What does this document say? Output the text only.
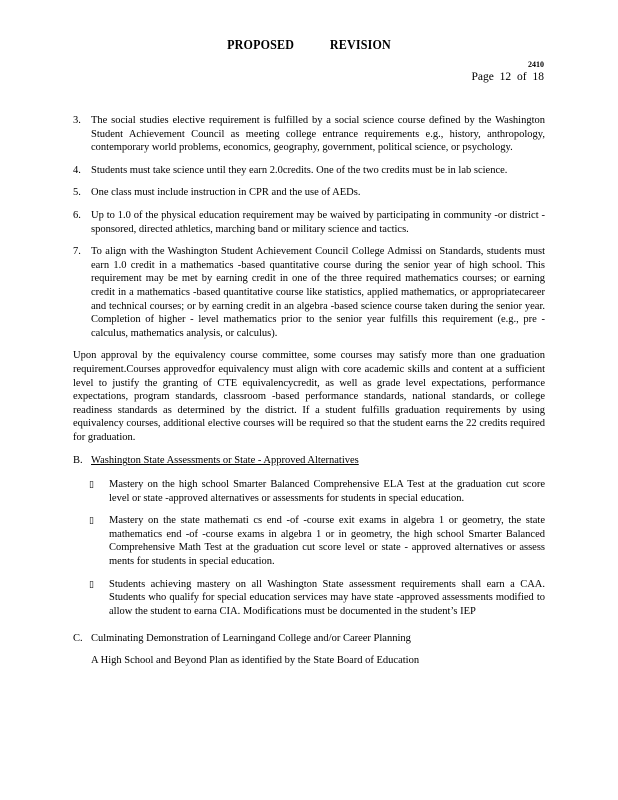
PROPOSED REVISION
2410
Page 12 of 18
3. The social studies elective requirement is fulfilled by a social science course defined by the Washington Student Achievement Council as meeting college entrance requirements e.g., history, anthropology, contemporary world problems, economics, geography, government, political science, or psychology.
4. Students must take science until they earn 2.0credits. One of the two credits must be in lab science.
5. One class must include instruction in CPR and the use of AEDs.
6. Up to 1.0 of the physical education requirement may be waived by participating in community -or district -sponsored, directed athletics, marching band or military science and tactics.
7. To align with the Washington Student Achievement Council College Admissi on Standards, students must earn 1.0 credit in a mathematics -based quantitative course during the senior year of high school. This requirement may be met by earning credit in one of the three required mathematics courses; or earning credit in a mathematics -based quantitative course like statistics, applied mathematics, or appropriatecareer and technical courses; or by earning credit in an algebra -based science course taken during the senior year. Completion of higher - level mathematics prior to the senior year fulfills this requirement (e.g., pre -calculus, mathematics analysis, or calculus).

Upon approval by the equivalency course committee, some courses may satisfy more than one graduation requirement.Courses approvedfor equivalency must align with core academic skills and content at a sufficient level to justify the granting of CTE equivalencycredit, as well as grade level expectations, performance expectations, program standards, classroom -based performance standards, national standards, or college readiness standards as determined by the district. If a student fulfills graduation requirements by using equivalency courses, additional elective courses will be required so that the student earns the 22 credits required for graduation.

B. Washington State Assessments or State - Approved Alternatives
▯	Mastery on the high school Smarter Balanced Comprehensive ELA Test at the graduation cut score level or state -approved alternatives or assessments for students in special education.
▯	Mastery on the state mathemati cs end -of -course exit exams in algebra 1 or geometry, the state mathematics end -of -course exams in algebra 1 or in geometry, the high school Smarter Balanced Comprehensive Math Test at the graduation cut score level or state - approved alternatives or assess ments for students in special education.
▯	Students achieving mastery on all Washington State assessment requirements shall earn a CAA. Students who qualify for special education services may have state -approved assessments modified to allow the student to earna CIA. Modifications must be documented in the student’s IEP
C. Culminating Demonstration of Learningand College and/or Career Planning
A High School and Beyond Plan as identified by the State Board of Education
